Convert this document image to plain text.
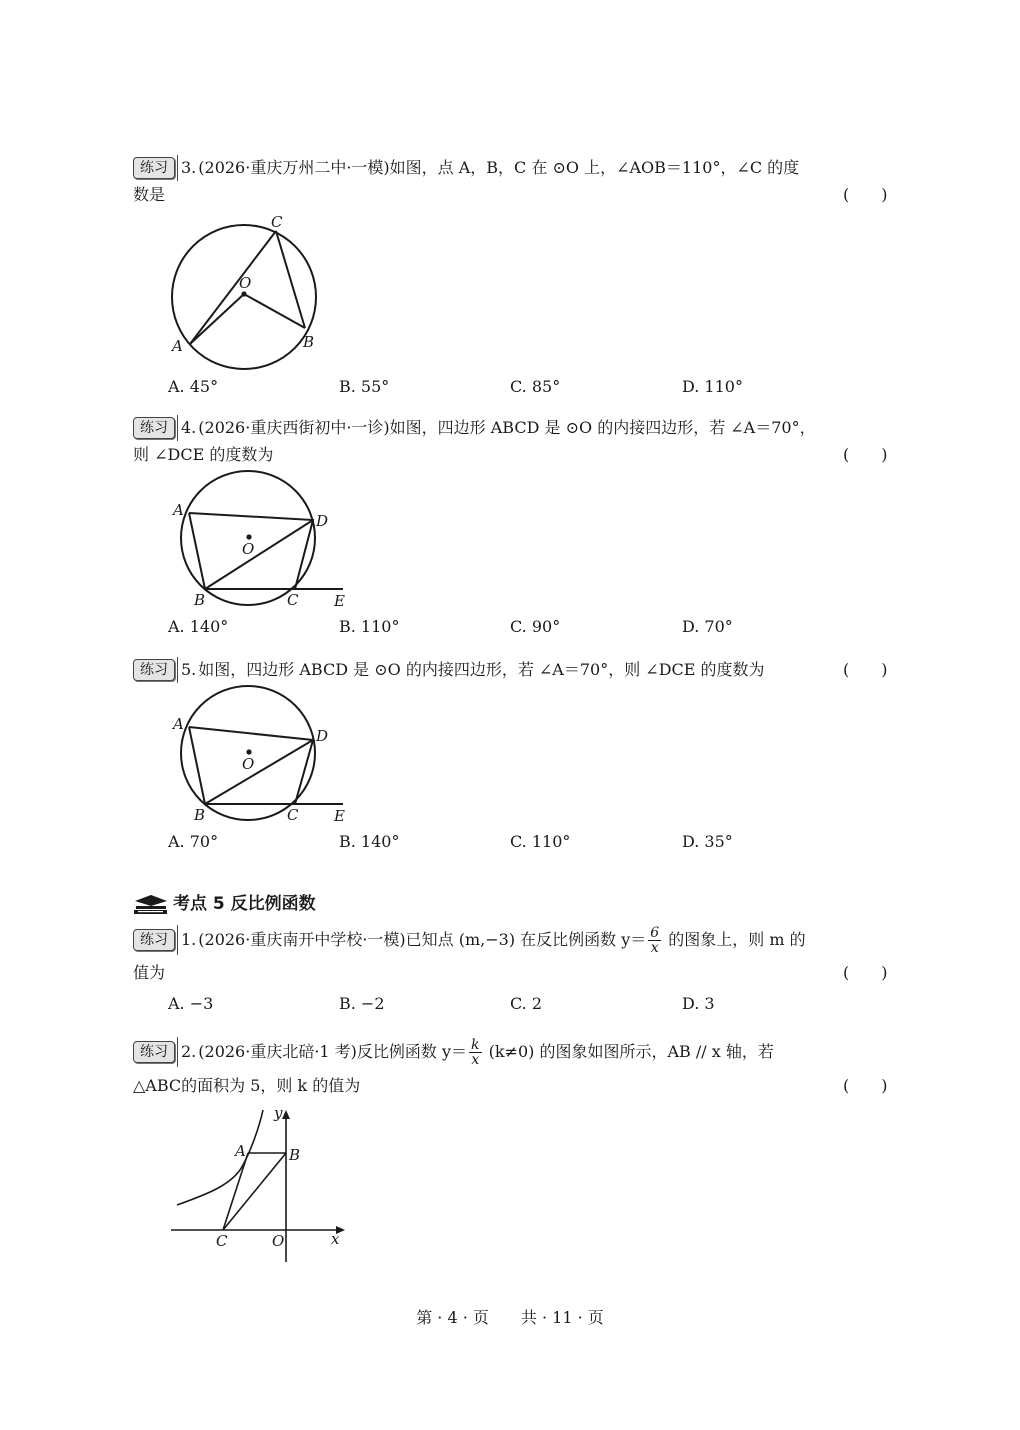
练习 3. (2026·重庆万州二中·一模)如图，点 A，B，C 在 ⊙O 上，∠AOB＝110°，∠C 的度
数是	(　　)
C
O
A	B
A. 45°	B. 55°	C. 85°	D. 110°
练习 4. (2026·重庆西街初中·一诊)如图，四边形 ABCD 是 ⊙O 的内接四边形，若 ∠A＝70°，
则 ∠DCE 的度数为	(　　)
A
D
O
B	C E
A. 140°	B. 110°	C. 90°	D. 70°
练习 5. 如图，四边形 ABCD 是 ⊙O 的内接四边形，若 ∠A＝70°，则 ∠DCE 的度数为	(　　)
A
D
O
B	C E
A. 70°	B. 140°	C. 110°	D. 35°
考点 5 反比例函数
练习 1. (2026·重庆南开中学校·一模)已知点 (m,−3) 在反比例函数 $y= \frac{6}{x}$ 的图象上，则 m 的
值为	(　　)
A. −3	B. −2	C. 2	D. 3
练习 2. (2026·重庆北碚·1 考)反比例函数 $y= \frac{k}{x} (k\ne 0)$ 的图象如图所示，AB // x 轴，若
△ABC的面积为 5，则 k 的值为	(　　)
y
A	B
C	O	x
第 · 4 · 页　　共 · 11 · 页
